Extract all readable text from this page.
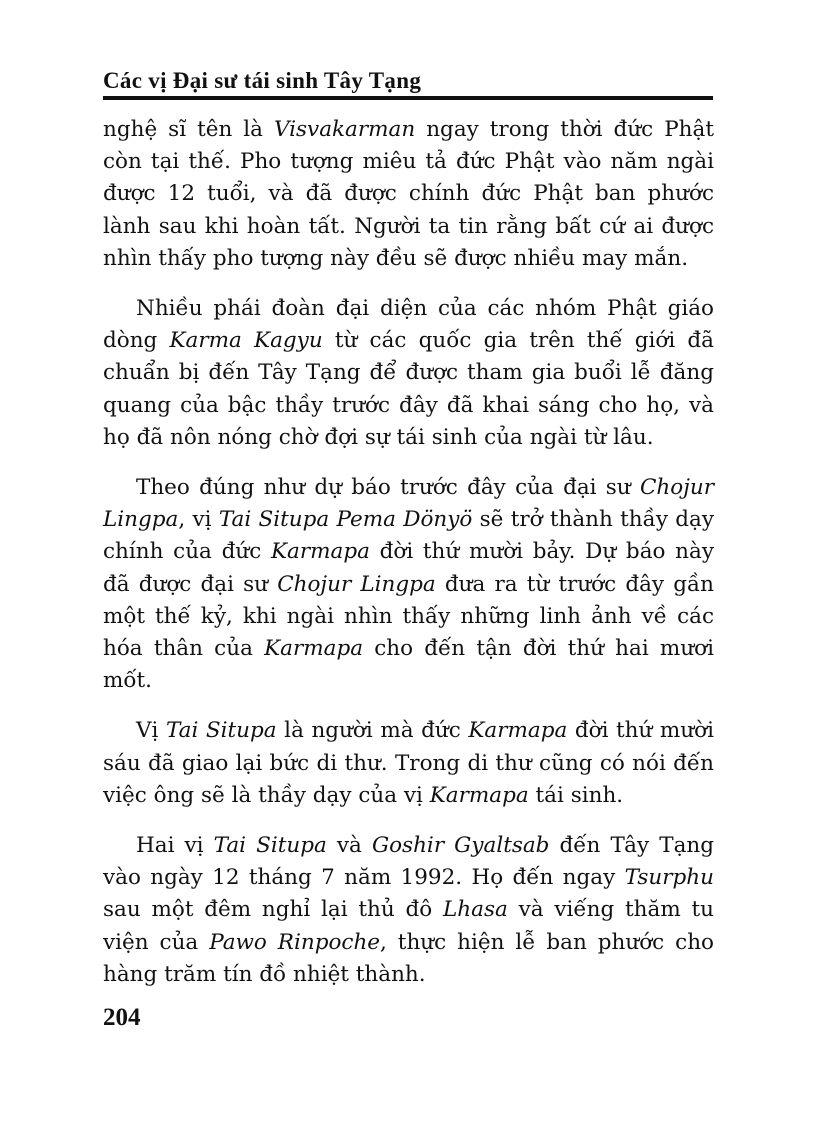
Các vị Đại sư tái sinh Tây Tạng

nghệ sĩ tên là Visvakarman ngay trong thời đức Phật còn tại thế. Pho tượng miêu tả đức Phật vào năm ngài được 12 tuổi, và đã được chính đức Phật ban phước lành sau khi hoàn tất. Người ta tin rằng bất cứ ai được nhìn thấy pho tượng này đều sẽ được nhiều may mắn.

Nhiều phái đoàn đại diện của các nhóm Phật giáo dòng Karma Kagyu từ các quốc gia trên thế giới đã chuẩn bị đến Tây Tạng để được tham gia buổi lễ đăng quang của bậc thầy trước đây đã khai sáng cho họ, và họ đã nôn nóng chờ đợi sự tái sinh của ngài từ lâu.

Theo đúng như dự báo trước đây của đại sư Chojur Lingpa, vị Tai Situpa Pema Dönyö sẽ trở thành thầy dạy chính của đức Karmapa đời thứ mười bảy. Dự báo này đã được đại sư Chojur Lingpa đưa ra từ trước đây gần một thế kỷ, khi ngài nhìn thấy những linh ảnh về các hóa thân của Karmapa cho đến tận đời thứ hai mươi mốt.

Vị Tai Situpa là người mà đức Karmapa đời thứ mười sáu đã giao lại bức di thư. Trong di thư cũng có nói đến việc ông sẽ là thầy dạy của vị Karmapa tái sinh.

Hai vị Tai Situpa và Goshir Gyaltsab đến Tây Tạng vào ngày 12 tháng 7 năm 1992. Họ đến ngay Tsurphu sau một đêm nghỉ lại thủ đô Lhasa và viếng thăm tu viện của Pawo Rinpoche, thực hiện lễ ban phước cho hàng trăm tín đồ nhiệt thành.

204
